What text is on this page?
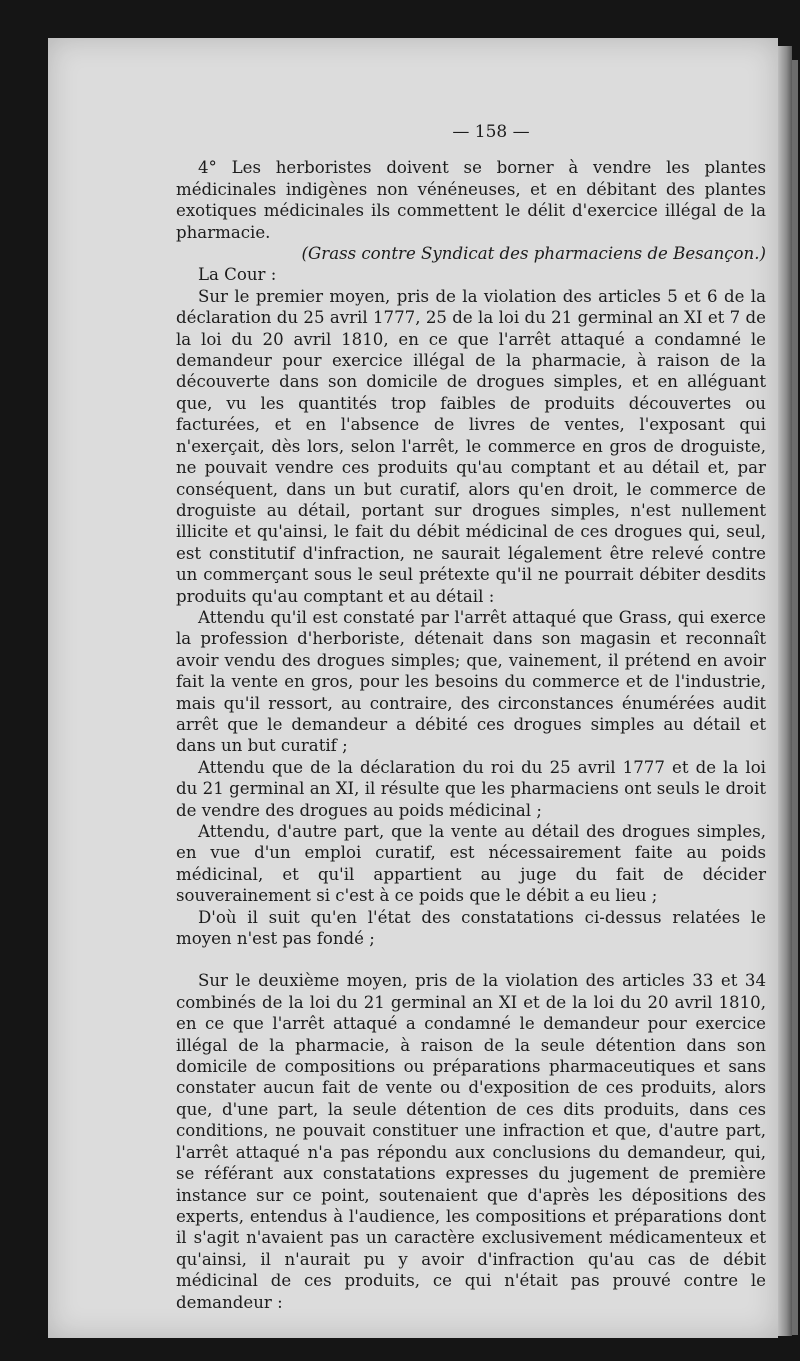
— 158 —

4° Les herboristes doivent se borner à vendre les plantes médicinales indigènes non vénéneuses, et en débitant des plantes exotiques médicinales ils commettent le délit d'exercice illégal de la pharmacie.

(Grass contre Syndicat des pharmaciens de Besançon.)

La Cour :

Sur le premier moyen, pris de la violation des articles 5 et 6 de la déclaration du 25 avril 1777, 25 de la loi du 21 germinal an XI et 7 de la loi du 20 avril 1810, en ce que l'arrêt attaqué a condamné le demandeur pour exercice illégal de la pharmacie, à raison de la découverte dans son domicile de drogues simples, et en alléguant que, vu les quantités trop faibles de produits découvertes ou facturées, et en l'absence de livres de ventes, l'exposant qui n'exerçait, dès lors, selon l'arrêt, le commerce en gros de droguiste, ne pouvait vendre ces produits qu'au comptant et au détail et, par conséquent, dans un but curatif, alors qu'en droit, le commerce de droguiste au détail, portant sur drogues simples, n'est nullement illicite et qu'ainsi, le fait du débit médicinal de ces drogues qui, seul, est constitutif d'infraction, ne saurait légalement être relevé contre un commerçant sous le seul prétexte qu'il ne pourrait débiter desdits produits qu'au comptant et au détail :

Attendu qu'il est constaté par l'arrêt attaqué que Grass, qui exerce la profession d'herboriste, détenait dans son magasin et reconnaît avoir vendu des drogues simples; que, vainement, il prétend en avoir fait la vente en gros, pour les besoins du commerce et de l'industrie, mais qu'il ressort, au contraire, des circonstances énumérées audit arrêt que le demandeur a débité ces drogues simples au détail et dans un but curatif ;

Attendu que de la déclaration du roi du 25 avril 1777 et de la loi du 21 germinal an XI, il résulte que les pharmaciens ont seuls le droit de vendre des drogues au poids médicinal ;

Attendu, d'autre part, que la vente au détail des drogues simples, en vue d'un emploi curatif, est nécessairement faite au poids médicinal, et qu'il appartient au juge du fait de décider souverainement si c'est à ce poids que le débit a eu lieu ;

D'où il suit qu'en l'état des constatations ci-dessus relatées le moyen n'est pas fondé ;

Sur le deuxième moyen, pris de la violation des articles 33 et 34 combinés de la loi du 21 germinal an XI et de la loi du 20 avril 1810, en ce que l'arrêt attaqué a condamné le demandeur pour exercice illégal de la pharmacie, à raison de la seule détention dans son domicile de compositions ou préparations pharmaceutiques et sans constater aucun fait de vente ou d'exposition de ces produits, alors que, d'une part, la seule détention de ces dits produits, dans ces conditions, ne pouvait constituer une infraction et que, d'autre part, l'arrêt attaqué n'a pas répondu aux conclusions du demandeur, qui, se référant aux constatations expresses du jugement de première instance sur ce point, soutenaient que d'après les dépositions des experts, entendus à l'audience, les compositions et préparations dont il s'agit n'avaient pas un caractère exclusivement médicamenteux et qu'ainsi, il n'aurait pu y avoir d'infraction qu'au cas de débit médicinal de ces produits, ce qui n'était pas prouvé contre le demandeur :
